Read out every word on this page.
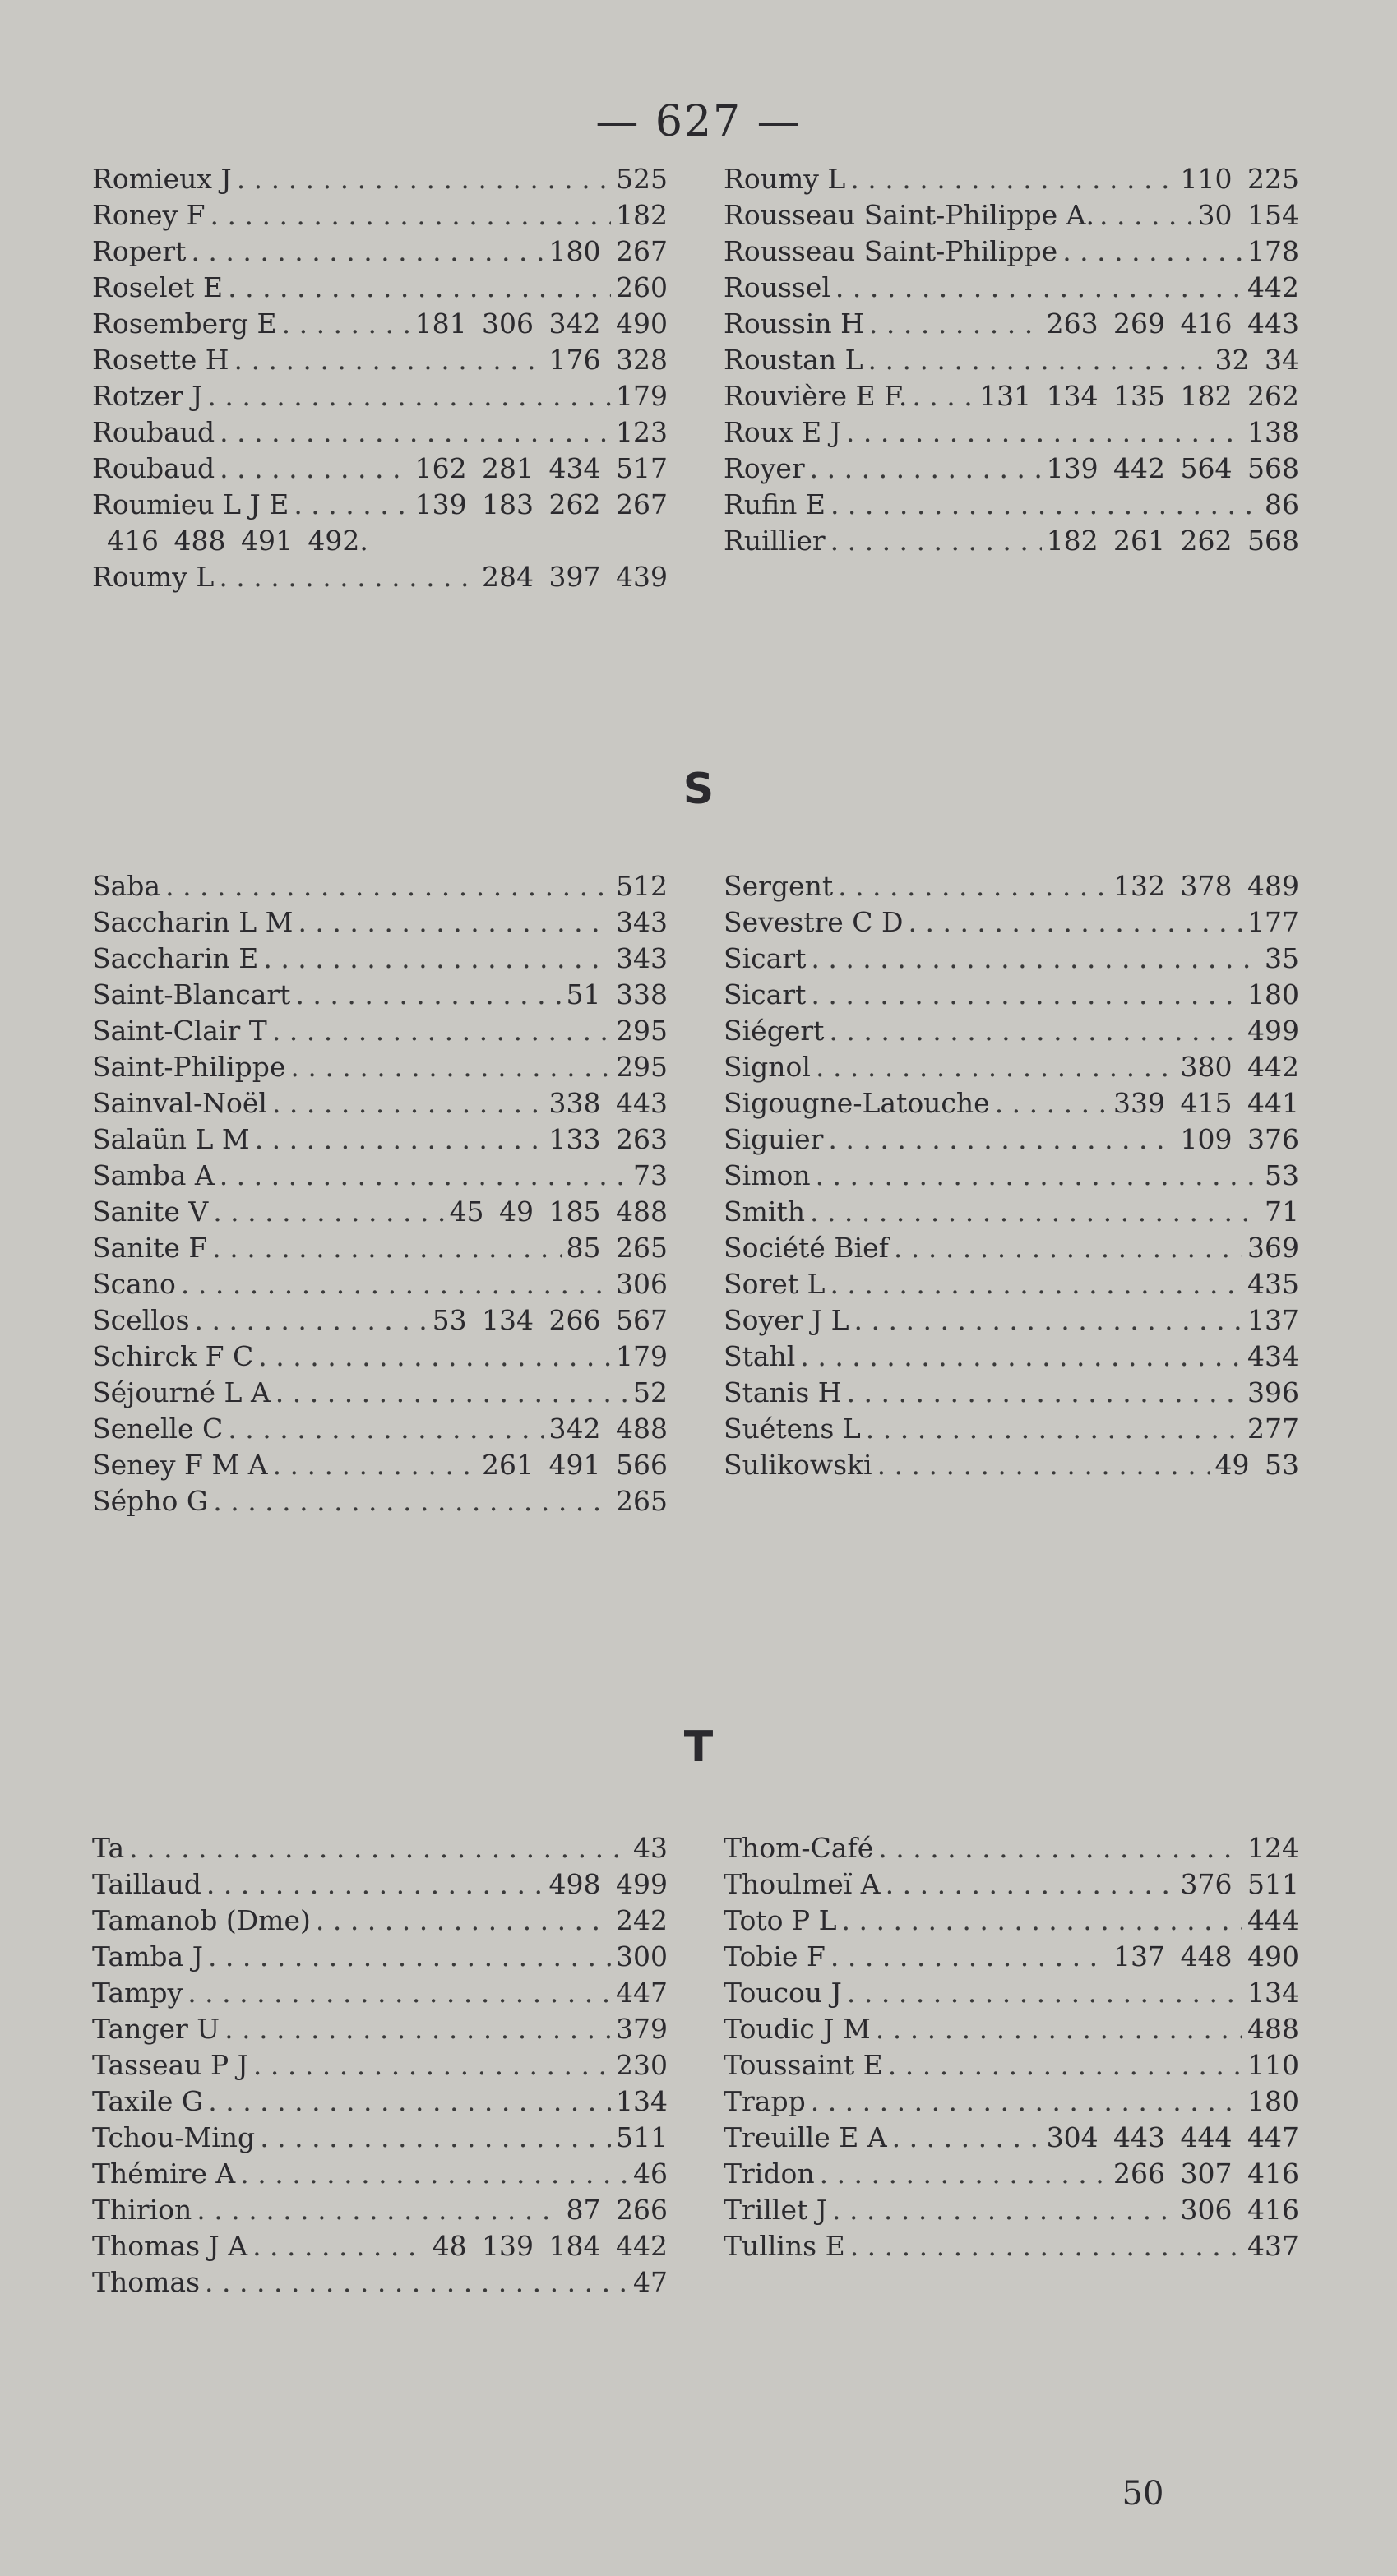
— 627 —
Romieux J . . .	525
Roney F . . .	182
Ropert . . .	180 267
Roselet E . . .	260
Rosemberg E . . .	181 306 342 490
Rosette H . . .	176 328
Rotzer J . . .	179
Roubaud . . .	123
Roubaud . . .	162 281 434 517
Roumieu L J E . . .	139 183 262 267
416 488 491 492.
Roumy L . . .	284 397 439
Roumy L . . .	110 225
Rousseau Saint-Philippe A. . . .	30 154
Rousseau Saint-Philippe . . .	178
Roussel . . .	442
Roussin H . . .	263 269 416 443
Roustan L . . .	32 34
Rouvière E F. . . .	131 134 135 182 262
Roux E J . . .	138
Royer . . .	139 442 564 568
Rufin E . . .	86
Ruillier . . .	182 261 262 568
S
Saba . . .	512
Saccharin L M . . .	343
Saccharin E . . .	343
Saint-Blancart . . .	51 338
Saint-Clair T . . .	295
Saint-Philippe . . .	295
Sainval-Noël . . .	338 443
Salaün L M . . .	133 263
Samba A . . .	73
Sanite V . . .	45 49 185 488
Sanite F . . .	85 265
Scano . . .	306
Scellos . . .	53 134 266 567
Schirck F C . . .	179
Séjourné L A . . .	52
Senelle C . . .	342 488
Seney F M A . . .	261 491 566
Sépho G . . .	265
Sergent . . .	132 378 489
Sevestre C D . . .	177
Sicart . . .	35
Sicart . . .	180
Siégert . . .	499
Signol . . .	380 442
Sigougne-Latouche . . .	339 415 441
Siguier . . .	109 376
Simon . . .	53
Smith . . .	71
Société Bief . . .	369
Soret L . . .	435
Soyer J L . . .	137
Stahl . . .	434
Stanis H . . .	396
Suétens L . . .	277
Sulikowski . . .	49 53
T
Ta . . .	43
Taillaud . . .	498 499
Tamanob (Dme) . . .	242
Tamba J . . .	300
Tampy . . .	447
Tanger U . . .	379
Tasseau P J . . .	230
Taxile G . . .	134
Tchou-Ming . . .	511
Thémire A . . .	46
Thirion . . .	87 266
Thomas J A . . .	48 139 184 442
Thomas . . .	47
Thom-Café . . .	124
Thoulmeï A . . .	376 511
Toto P L . . .	444
Tobie F . . .	137 448 490
Toucou J . . .	134
Toudic J M . . .	488
Toussaint E . . .	110
Trapp . . .	180
Treuille E A . . .	304 443 444 447
Tridon . . .	266 307 416
Trillet J . . .	306 416
Tullins E . . .	437
50
